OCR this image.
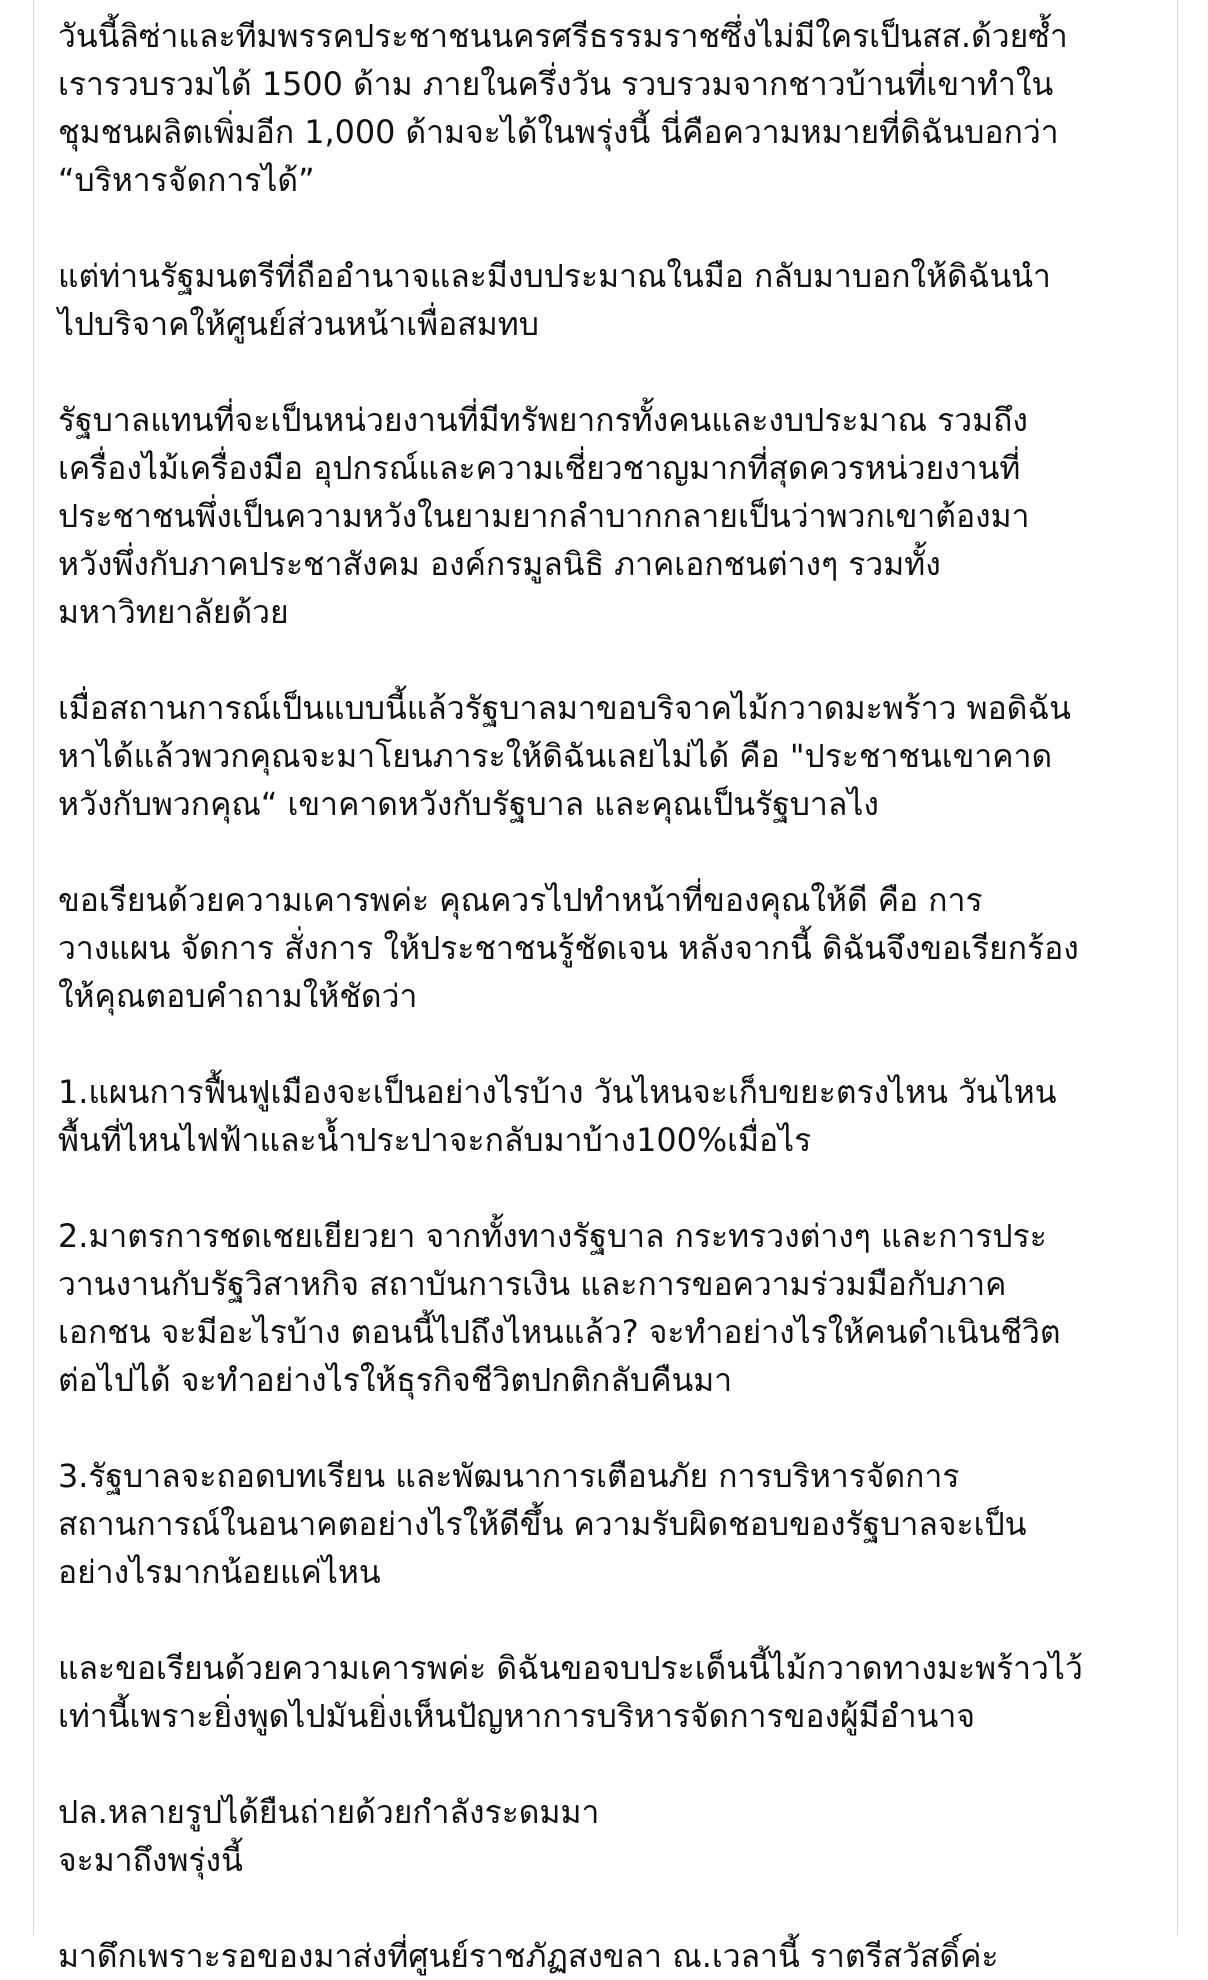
วันนี้ลิซ่าและทีมพรรคประชาชนนครศรีธรรมราชซึ่งไม่มีใครเป็นสส.ด้วยซ้ำ
เรารวบรวมได้ 1500 ด้าม ภายในครึ่งวัน รวบรวมจากชาวบ้านที่เขาทำใน
ชุมชนผลิตเพิ่มอีก 1,000 ด้ามจะได้ในพรุ่งนี้ นี่คือความหมายที่ดิฉันบอกว่า
“บริหารจัดการได้”

แต่ท่านรัฐมนตรีที่ถืออำนาจและมีงบประมาณในมือ กลับมาบอกให้ดิฉันนำ
ไปบริจาคให้ศูนย์ส่วนหน้าเพื่อสมทบ

รัฐบาลแทนที่จะเป็นหน่วยงานที่มีทรัพยากรทั้งคนและงบประมาณ รวมถึง
เครื่องไม้เครื่องมือ อุปกรณ์และความเชี่ยวชาญมากที่สุดควรหน่วยงานที่
ประชาชนพึ่งเป็นความหวังในยามยากลำบากกลายเป็นว่าพวกเขาต้องมา
หวังพึ่งกับภาคประชาสังคม องค์กรมูลนิธิ ภาคเอกชนต่างๆ รวมทั้ง
มหาวิทยาลัยด้วย

เมื่อสถานการณ์เป็นแบบนี้แล้วรัฐบาลมาขอบริจาคไม้กวาดมะพร้าว พอดิฉัน
หาได้แล้วพวกคุณจะมาโยนภาระให้ดิฉันเลยไม่ได้ คือ "ประชาชนเขาคาด
หวังกับพวกคุณ“ เขาคาดหวังกับรัฐบาล และคุณเป็นรัฐบาลไง

ขอเรียนด้วยความเคารพค่ะ คุณควรไปทำหน้าที่ของคุณให้ดี คือ การ
วางแผน จัดการ สั่งการ ให้ประชาชนรู้ชัดเจน หลังจากนี้ ดิฉันจึงขอเรียกร้อง
ให้คุณตอบคำถามให้ชัดว่า

1.แผนการฟื้นฟูเมืองจะเป็นอย่างไรบ้าง วันไหนจะเก็บขยะตรงไหน วันไหน
พื้นที่ไหนไฟฟ้าและน้ำประปาจะกลับมาบ้าง100%เมื่อไร

2.มาตรการชดเชยเยียวยา จากทั้งทางรัฐบาล กระทรวงต่างๆ และการประ
วานงานกับรัฐวิสาหกิจ สถาบันการเงิน และการขอความร่วมมือกับภาค
เอกชน จะมีอะไรบ้าง ตอนนี้ไปถึงไหนแล้ว? จะทำอย่างไรให้คนดำเนินชีวิต
ต่อไปได้ จะทำอย่างไรให้ธุรกิจชีวิตปกติกลับคืนมา

3.รัฐบาลจะถอดบทเรียน และพัฒนาการเตือนภัย การบริหารจัดการ
สถานการณ์ในอนาคตอย่างไรให้ดีขึ้น ความรับผิดชอบของรัฐบาลจะเป็น
อย่างไรมากน้อยแค่ไหน

และขอเรียนด้วยความเคารพค่ะ ดิฉันขอจบประเด็นนี้ไม้กวาดทางมะพร้าวไว้
เท่านี้เพราะยิ่งพูดไปมันยิ่งเห็นปัญหาการบริหารจัดการของผู้มีอำนาจ

ปล.หลายรูปได้ยืนถ่ายด้วยกำลังระดมมา
จะมาถึงพรุ่งนี้

มาดึกเพราะรอของมาส่งที่ศูนย์ราชภัฏสงขลา ณ.เวลานี้ ราตรีสวัสดิ์ค่ะ
